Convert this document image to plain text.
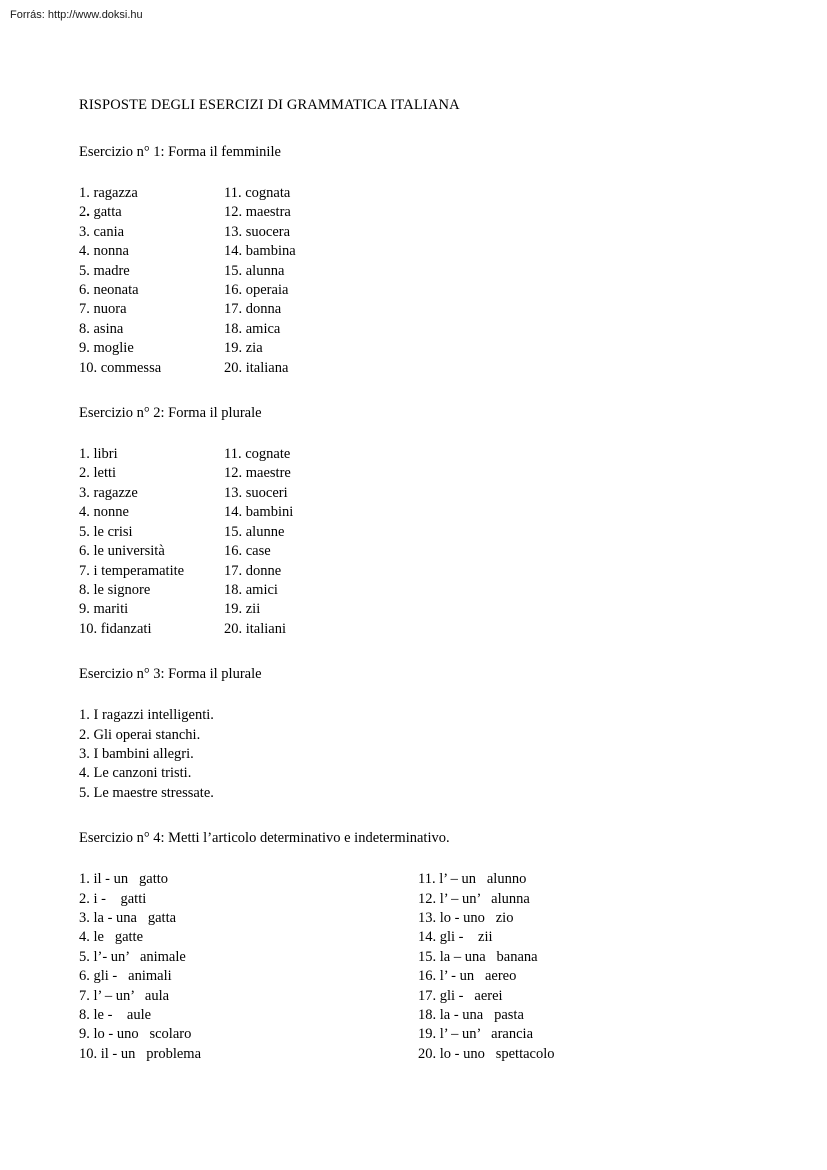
Forrás: http://www.doksi.hu
RISPOSTE DEGLI ESERCIZI DI GRAMMATICA ITALIANA
Esercizio n° 1: Forma il femminile
1. ragazza
2. gatta
3. cania
4. nonna
5. madre
6. neonata
7. nuora
8. asina
9. moglie
10. commessa
11. cognata
12. maestra
13. suocera
14. bambina
15. alunna
16. operaia
17. donna
18. amica
19. zia
20. italiana
Esercizio n° 2: Forma il plurale
1. libri
2. letti
3. ragazze
4. nonne
5. le crisi
6. le università
7. i temperamatite
8. le signore
9. mariti
10. fidanzati
11. cognate
12. maestre
13. suoceri
14. bambini
15. alunne
16. case
17. donne
18. amici
19. zii
20. italiani
Esercizio n° 3: Forma il plurale
1. I ragazzi intelligenti.
2. Gli operai stanchi.
3. I bambini allegri.
4. Le canzoni tristi.
5. Le maestre stressate.
Esercizio n° 4: Metti l’articolo determinativo e indeterminativo.
1. il - un   gatto
2. i -    gatti
3. la - una   gatta
4. le   gatte
5. l’- un’   animale
6. gli -   animali
7. l’ – un’   aula
8. le -    aule
9. lo - uno   scolaro
10. il - un   problema
11. l’ – un   alunno
12. l’ – un’   alunna
13. lo - uno   zio
14. gli -    zii
15. la – una   banana
16. l’ - un   aereo
17. gli -   aerei
18. la - una   pasta
19. l’ – un’   arancia
20. lo - uno   spettacolo
